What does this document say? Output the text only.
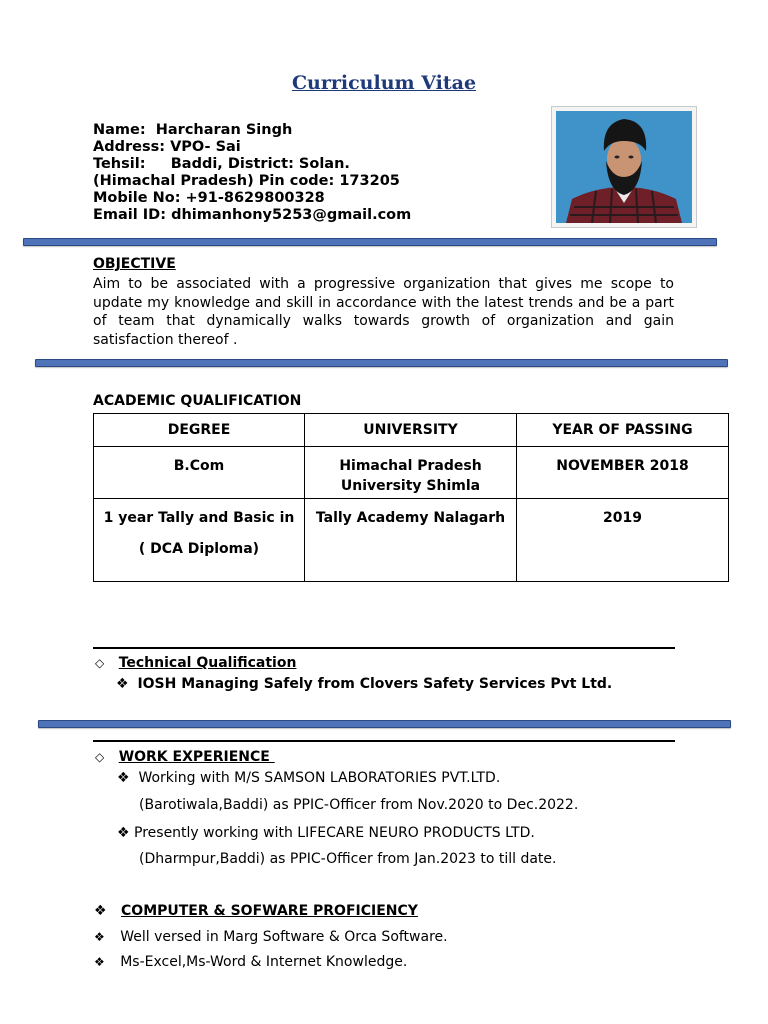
Curriculum Vitae
Name:  Harcharan Singh
Address: VPO- Sai
Tehsil:     Baddi, District: Solan.
(Himachal Pradesh) Pin code: 173205
Mobile No: +91-8629800328
Email ID: dhimanhony5253@gmail.com
OBJECTIVE
Aim to be associated with a progressive organization that gives me scope to update my knowledge and skill in accordance with the latest trends and be a part of team that dynamically walks towards growth of organization and gain satisfaction thereof .
ACADEMIC QUALIFICATION
DEGREE	UNIVERSITY	YEAR OF PASSING
B.Com	Himachal Pradesh University Shimla	NOVEMBER 2018

1 year Tally and Basic in
( DCA Diploma)	Tally Academy Nalagarh	2019
◇ Technical Qualification
❖ IOSH Managing Safely from Clovers Safety Services Pvt Ltd.
◇ WORK EXPERIENCE
❖  Working with M/S SAMSON LABORATORIES PVT.LTD.
(Barotiwala,Baddi) as PPIC-Officer from Nov.2020 to Dec.2022.
❖ Presently working with LIFECARE NEURO PRODUCTS LTD.
(Dharmpur,Baddi) as PPIC-Officer from Jan.2023 to till date.
❖ COMPUTER & SOFWARE PROFICIENCY
❖ Well versed in Marg Software & Orca Software.
❖ Ms-Excel,Ms-Word & Internet Knowledge.
